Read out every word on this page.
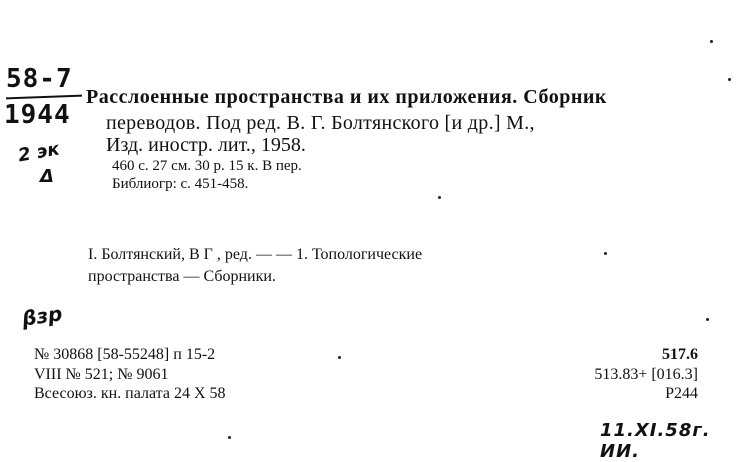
58-7
1944
2 эк
Δ
Расслоенные пространства и их приложения. Сборник
переводов. Под ред. В. Г. Болтянского [и др.] М.,
Изд. иностр. лит., 1958.
460 с. 27 см. 30 р. 15 к. В пер.
Библиогр: с. 451-458.
I. Болтянский, В Г , ред. — — 1. Топологические
пространства — Сборники.
βзр
№ 30868 [58-55248] п 15-2
VIII № 521; № 9061
Всесоюз. кн. палата 24 X 58
517.6
513.83+ [016.3]
Р244
11.XI.58г. ИИ.
